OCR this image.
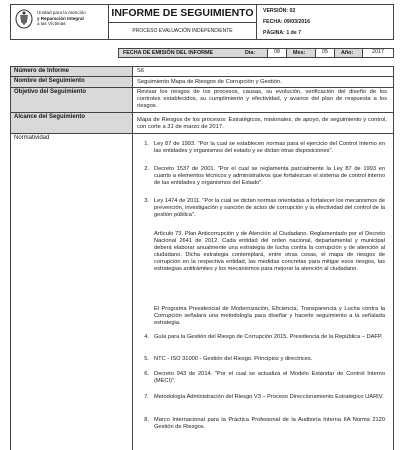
Unidad para la Atención
y Reparación Integral
a las Víctimas
INFORME DE SEGUIMIENTO
PROCESO EVALUACIÓN INDEPENDIENTE
VERSIÓN: 02
FECHA: 09/03/2016
PÁGINA: 1 de 7
FECHA DE EMISIÓN DEL INFORME	Día:	08	Mes:	05	Año:	2017
Número de Informe	S6
Nombre del Seguimiento	Seguimiento Mapa de Riesgos de Corrupción y Gestión.
Objetivo del Seguimiento	Revisar los riesgos de los procesos, causas, su evolución, verificación del diseño de los controles establecidos, su cumplimiento y efectividad, y avance del plan de respuesta a los riesgos.
Alcance del Seguimiento	Mapa de Riesgos de los procesos: Estratégicos, misionales, de apoyo, de seguimiento y control, con corte a 31 de marzo de 2017.
Normatividad
1. Ley 87 de 1993. "Por la cual se establecen normas para el ejercicio del Control Interno en las entidades y organismos del estado y se dictan otras disposiciones".
2. Decreto 1537 de 2001. "Por el cual se reglamenta parcialmente la Ley 87 de 1993 en cuanto a elementos técnicos y administrativos que fortalezcan el sistema de control interno de las entidades y organismos del Estado".
3. Ley 1474 de 2011. "Por la cual se dictan normas orientadas a fortalecer los mecanismos de prevención, investigación y sanción de actos de corrupción y la efectividad del control de la gestión pública".
Artículo 73. Plan Anticorrupción y de Atención al Ciudadano. Reglamentado por el Decreto Nacional 2641 de 2012. Cada entidad del orden nacional, departamental y municipal deberá elaborar anualmente una estrategia de lucha contra la corrupción y de atención al ciudadano. Dicha estrategia contemplará, entre otras cosas, el mapa de riesgos de corrupción en la respectiva entidad, las medidas concretas para mitigar esos riesgos, las estrategias antitrámites y los mecanismos para mejorar la atención al ciudadano.
El Programa Presidencial de Modernización, Eficiencia, Transparencia y Lucha contra la Corrupción señalará una metodología para diseñar y hacerle seguimiento a la señalada estrategia.
4. Guía para la Gestión del Riesgo de Corrupción 2015. Presidencia de la República – DAFP.
5. NTC - ISO 31000 - Gestión del Riesgo. Principios y directrices.
6. Decreto 943 de 2014. "Por el cual se actualiza el Modelo Estándar de Control Interno (MECI)".
7. Metodología Administración del Riesgo V3 – Proceso Direccionamiento Estratégico UARIV.
8. Marco Internacional para la Práctica Profesional de la Auditoría Interna IIA Norma 2120 Gestión de Riesgos.
